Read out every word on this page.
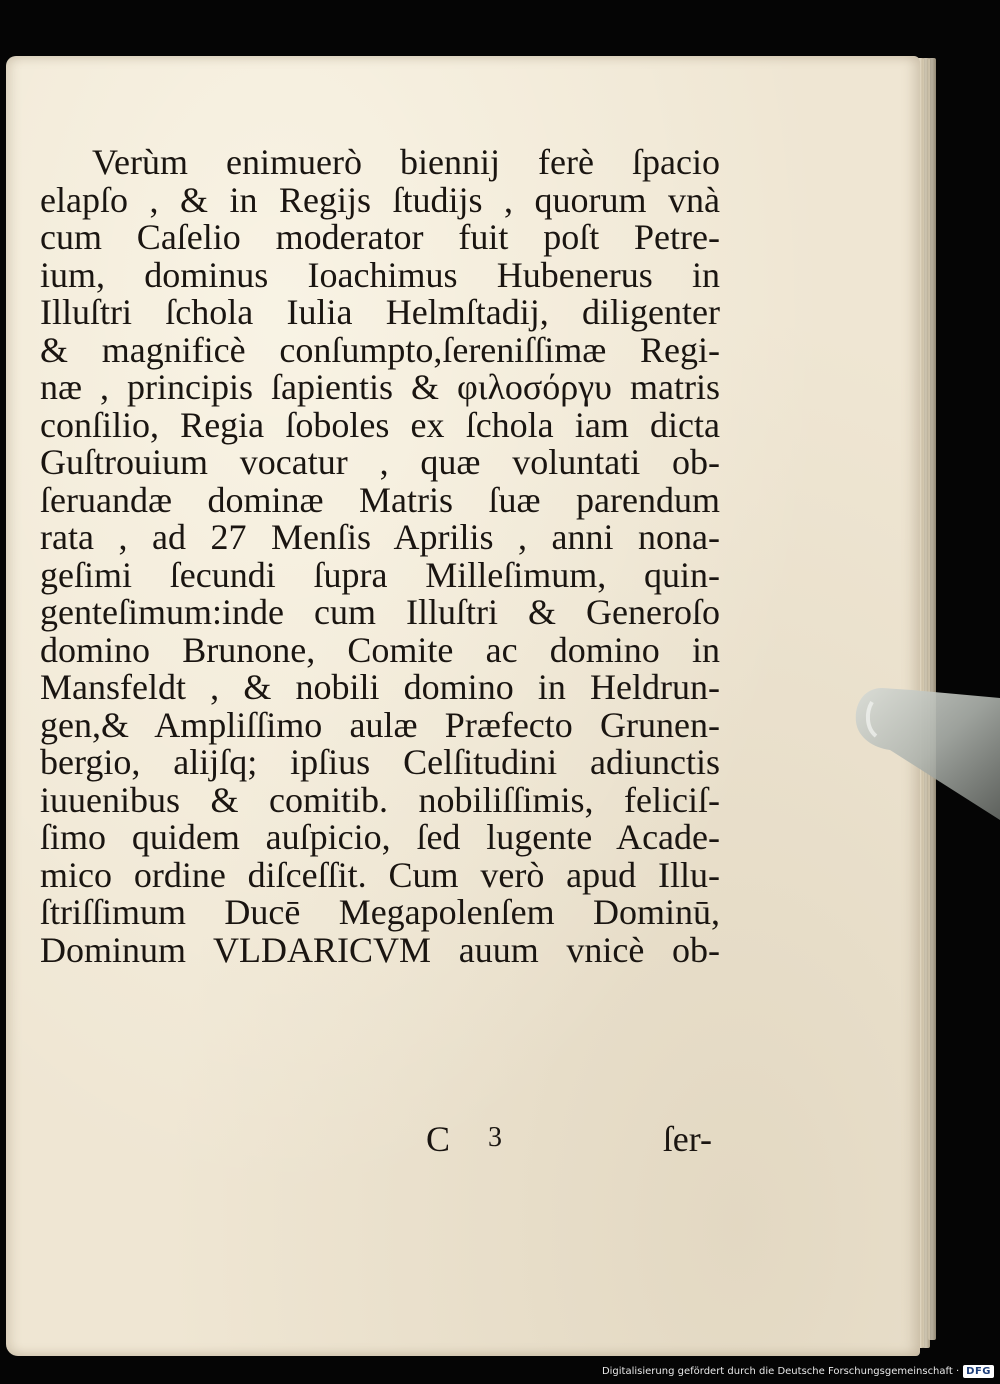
Verùm enimuerò biennij ferè ſpacio
elapſo , & in Regijs ſtudijs , quorum vnà
cum Caſelio moderator fuit poſt Petre-
ium, dominus Ioachimus Hubenerus in
Illuſtri ſchola Iulia Helmſtadij, diligenter
& magnificè conſumpto,ſereniſſimæ Regi-
næ , principis ſapientis & φιλοσόργυ matris
conſilio, Regia ſoboles ex ſchola iam dicta
Guſtrouium vocatur , quæ voluntati ob-
ſeruandæ dominæ Matris ſuæ parendum
rata , ad 27 Menſis Aprilis , anni nona-
geſimi ſecundi ſupra Milleſimum, quin-
genteſimum:inde cum Illuſtri & Generoſo
domino Brunone, Comite ac domino in
Mansfeldt , & nobili domino in Heldrun-
gen,& Ampliſſimo aulæ Præfecto Grunen-
bergio, alijſq; ipſius Celſitudini adiunctis
iuuenibus & comitib. nobiliſſimis, feliciſ-
ſimo quidem auſpicio, ſed lugente Acade-
mico ordine diſceſſit. Cum verò apud Illu-
ſtriſſimum Ducē Megapolenſem Dominū,
Dominum VLDARICVM auum vnicè ob-
C 3	ſer-
Digitalisierung gefördert durch die Deutsche Forschungsgemeinschaft · DFG
